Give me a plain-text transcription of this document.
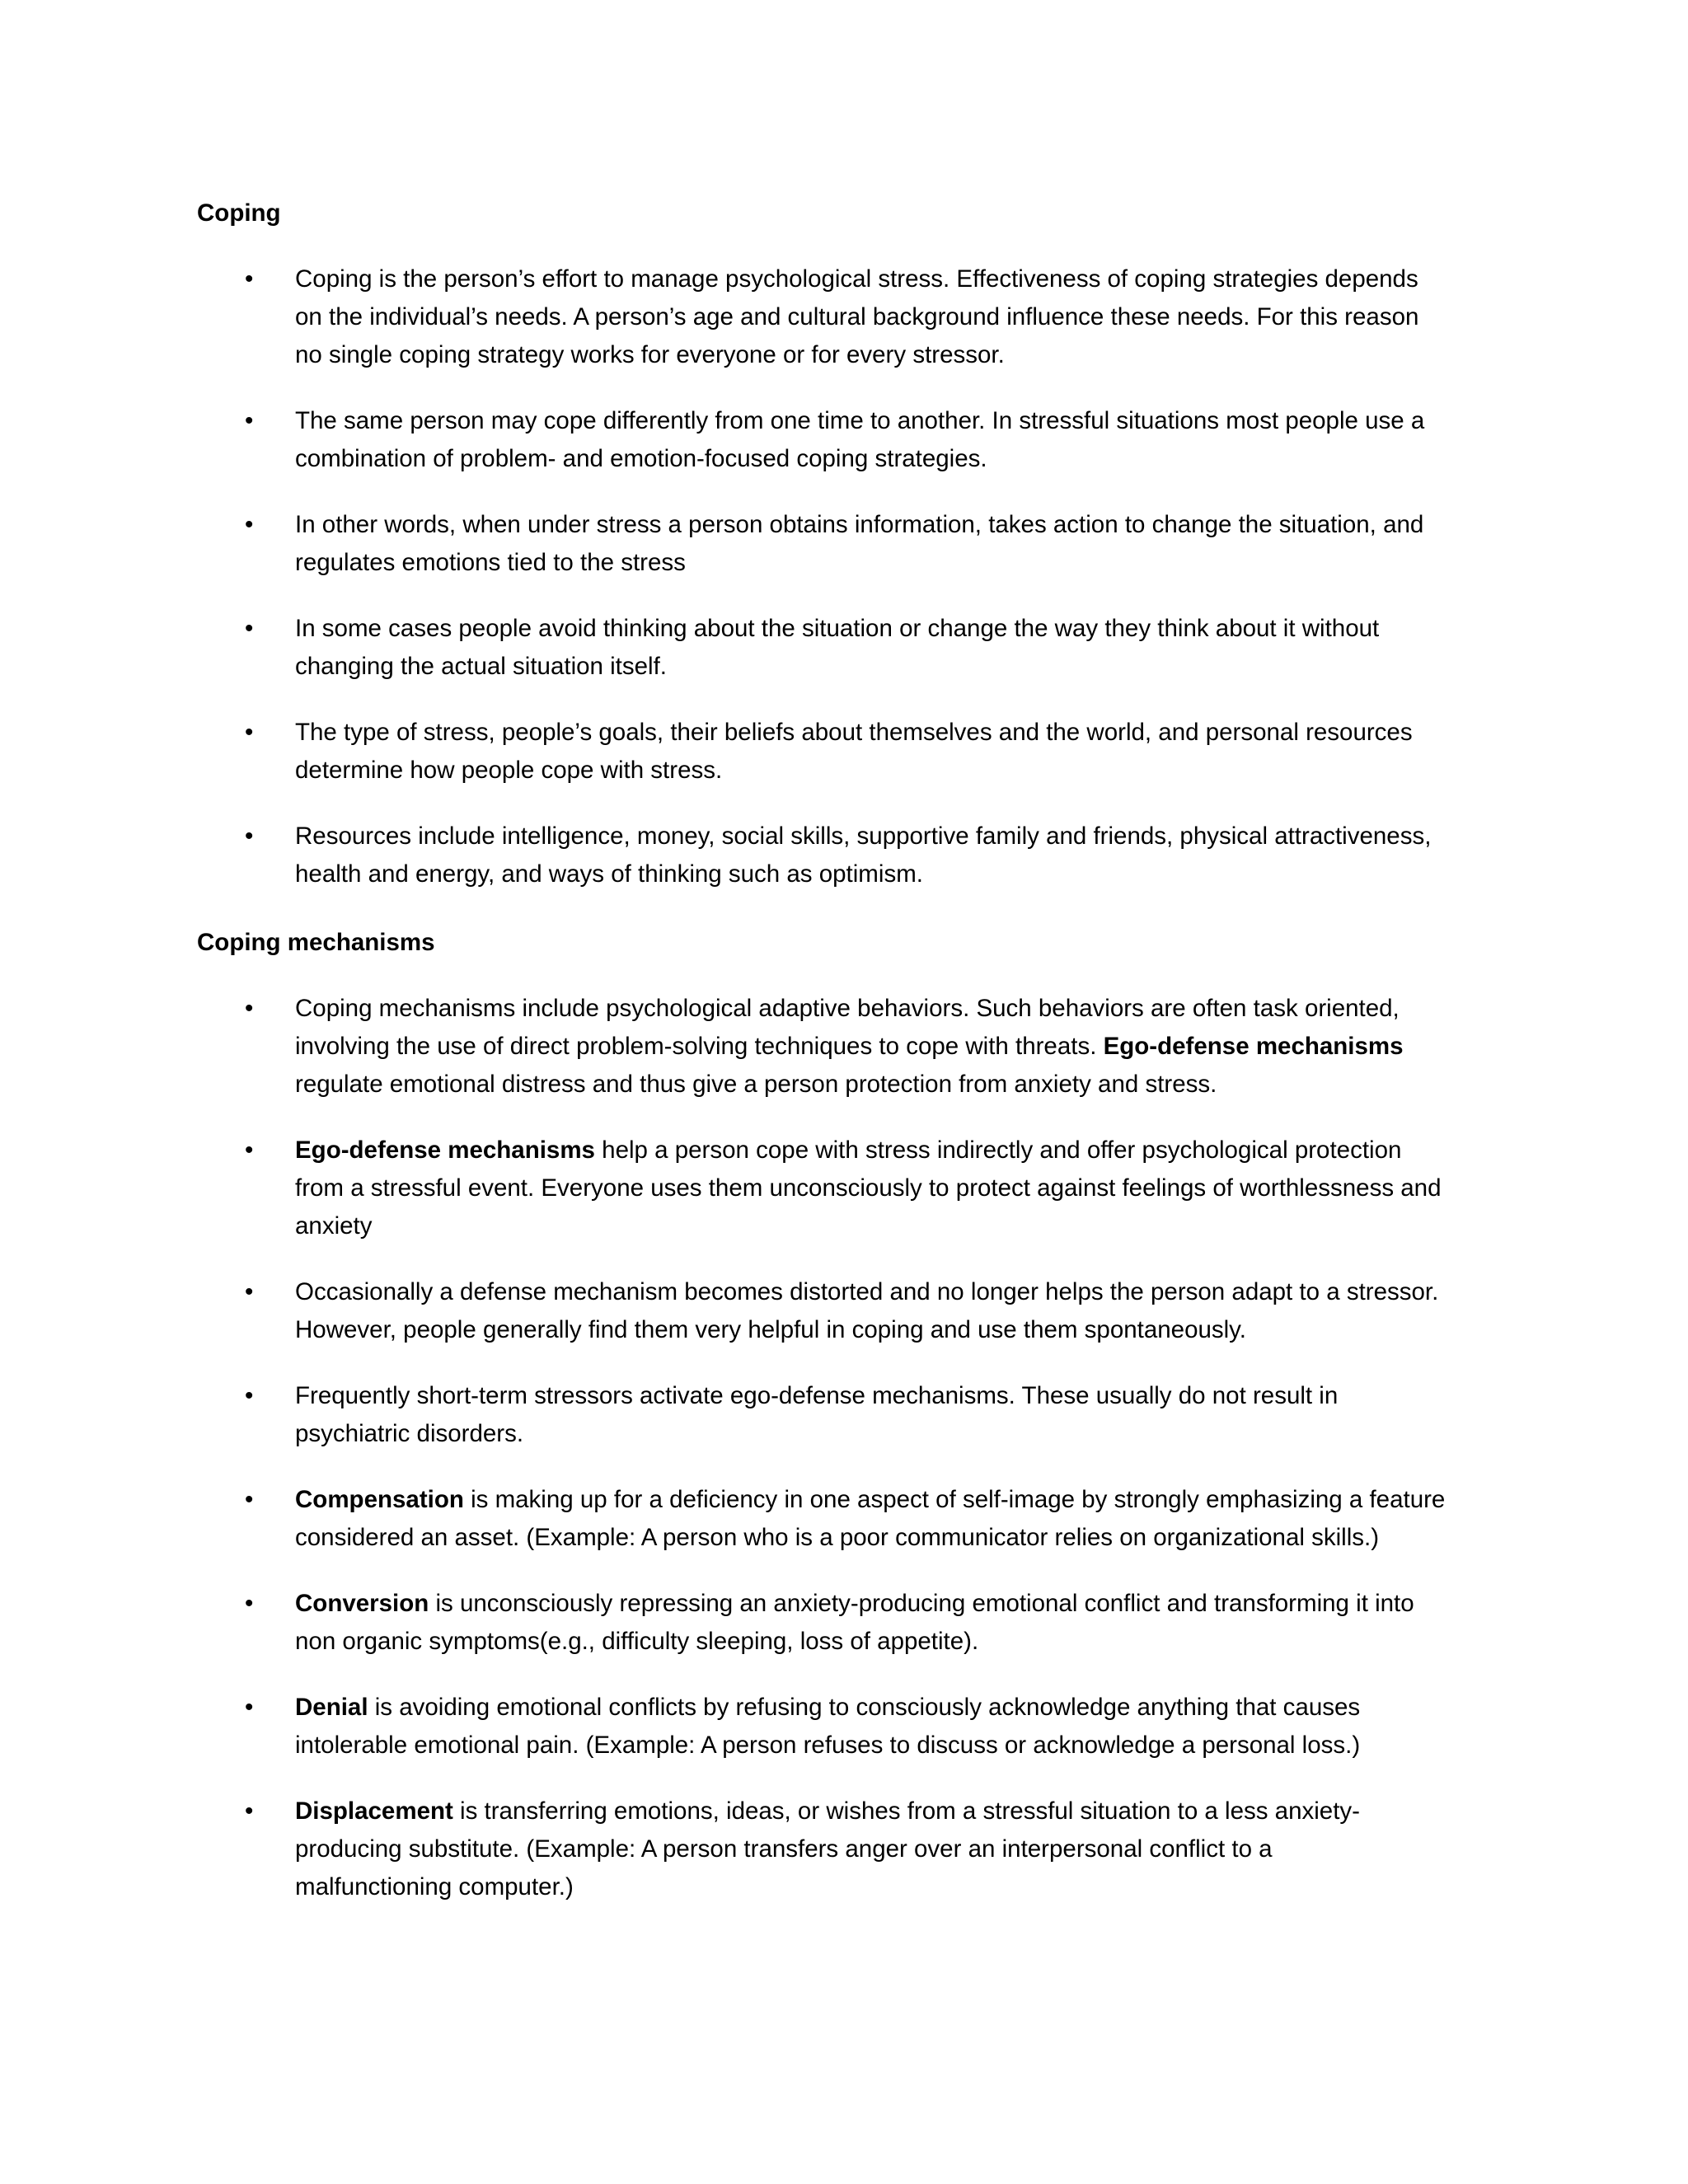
Coping
• Coping is the person’s effort to manage psychological stress. Effectiveness of coping strategies depends
on the individual’s needs. A person’s age and cultural background influence these needs. For this reason
no single coping strategy works for everyone or for every stressor.
• The same person may cope differently from one time to another. In stressful situations most people use a
combination of problem- and emotion-focused coping strategies.
• In other words, when under stress a person obtains information, takes action to change the situation, and
regulates emotions tied to the stress
• In some cases people avoid thinking about the situation or change the way they think about it without
changing the actual situation itself.
• The type of stress, people’s goals, their beliefs about themselves and the world, and personal resources
determine how people cope with stress.
• Resources include intelligence, money, social skills, supportive family and friends, physical attractiveness,
health and energy, and ways of thinking such as optimism.
Coping mechanisms
• Coping mechanisms include psychological adaptive behaviors. Such behaviors are often task oriented,
involving the use of direct problem-solving techniques to cope with threats. Ego-defense mechanisms
regulate emotional distress and thus give a person protection from anxiety and stress.
• Ego-defense mechanisms help a person cope with stress indirectly and offer psychological protection
from a stressful event. Everyone uses them unconsciously to protect against feelings of worthlessness and
anxiety
• Occasionally a defense mechanism becomes distorted and no longer helps the person adapt to a stressor.
However, people generally find them very helpful in coping and use them spontaneously.
• Frequently short-term stressors activate ego-defense mechanisms. These usually do not result in
psychiatric disorders.
• Compensation is making up for a deficiency in one aspect of self-image by strongly emphasizing a feature
considered an asset. (Example: A person who is a poor communicator relies on organizational skills.)
• Conversion is unconsciously repressing an anxiety-producing emotional conflict and transforming it into
non organic symptoms(e.g., difficulty sleeping, loss of appetite).
• Denial is avoiding emotional conflicts by refusing to consciously acknowledge anything that causes
intolerable emotional pain. (Example: A person refuses to discuss or acknowledge a personal loss.)
• Displacement is transferring emotions, ideas, or wishes from a stressful situation to a less anxiety-
producing substitute. (Example: A person transfers anger over an interpersonal conflict to a
malfunctioning computer.)
